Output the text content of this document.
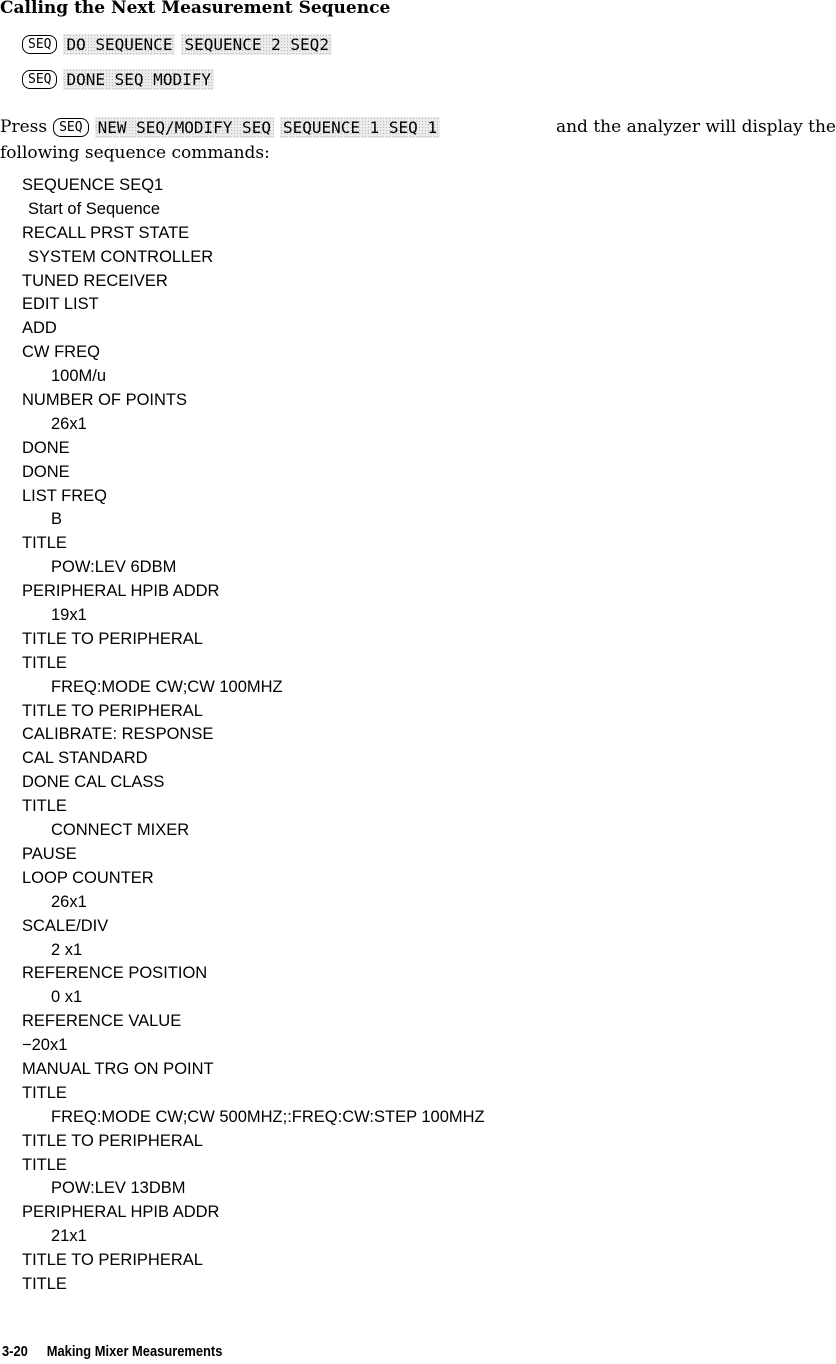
Calling the Next Measurement Sequence
SEQ DO SEQUENCE SEQUENCE 2 SEQ2
SEQ DONE SEQ MODIFY
Press SEQ NEW SEQ/MODIFY SEQ SEQUENCE 1 SEQ 1	and the analyzer will display the
following sequence commands:
SEQUENCE SEQ1
Start of Sequence
RECALL PRST STATE
SYSTEM CONTROLLER
TUNED RECEIVER
EDIT LIST
ADD
CW FREQ
100M/u
NUMBER OF POINTS
26x1
DONE
DONE
LIST FREQ
B
TITLE
POW:LEV 6DBM
PERIPHERAL HPIB ADDR
19x1
TITLE TO PERIPHERAL
TITLE
FREQ:MODE CW;CW 100MHZ
TITLE TO PERIPHERAL
CALIBRATE: RESPONSE
CAL STANDARD
DONE CAL CLASS
TITLE
CONNECT MIXER
PAUSE
LOOP COUNTER
26x1
SCALE/DIV
2 x1
REFERENCE POSITION
0 x1
REFERENCE VALUE
−20x1
MANUAL TRG ON POINT
TITLE
FREQ:MODE CW;CW 500MHZ;:FREQ:CW:STEP 100MHZ
TITLE TO PERIPHERAL
TITLE
POW:LEV 13DBM
PERIPHERAL HPIB ADDR
21x1
TITLE TO PERIPHERAL
TITLE
3-20 Making Mixer Measurements
